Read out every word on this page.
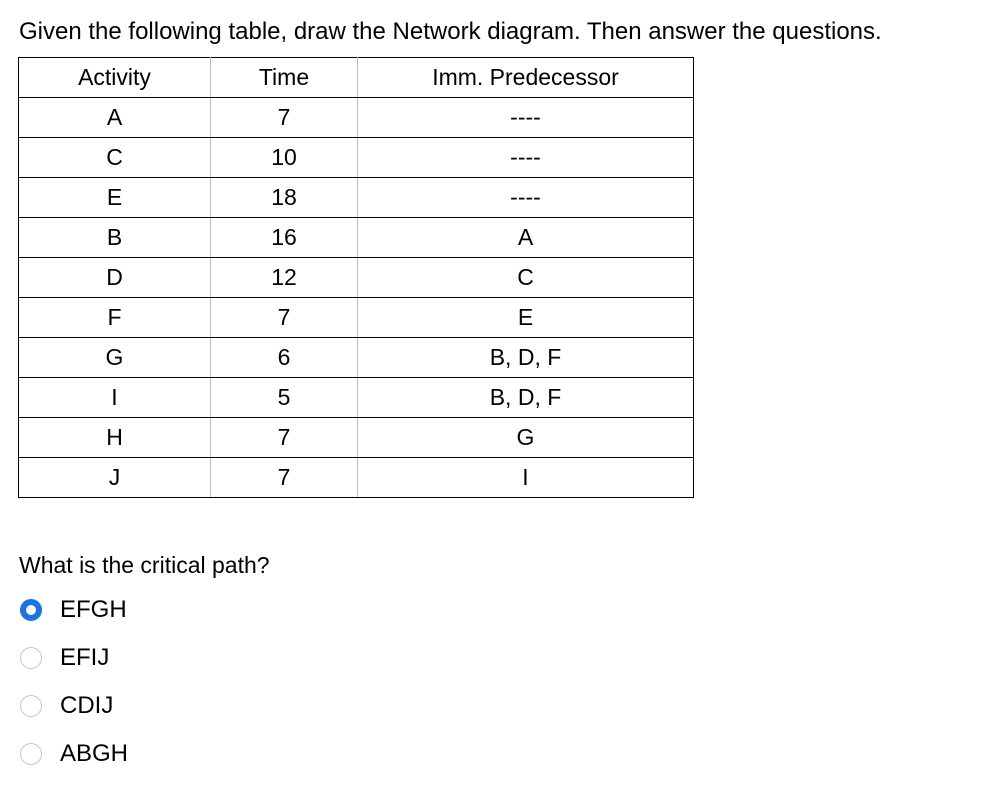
Given the following table, draw the Network diagram. Then answer the questions.
Activity	Time	Imm. Predecessor
A	7	----
C	10	----
E	18	----
B	16	A
D	12	C
F	7	E
G	6	B, D, F
I	5	B, D, F
H	7	G
J	7	I
What is the critical path?
EFGH
EFIJ
CDIJ
ABGH
